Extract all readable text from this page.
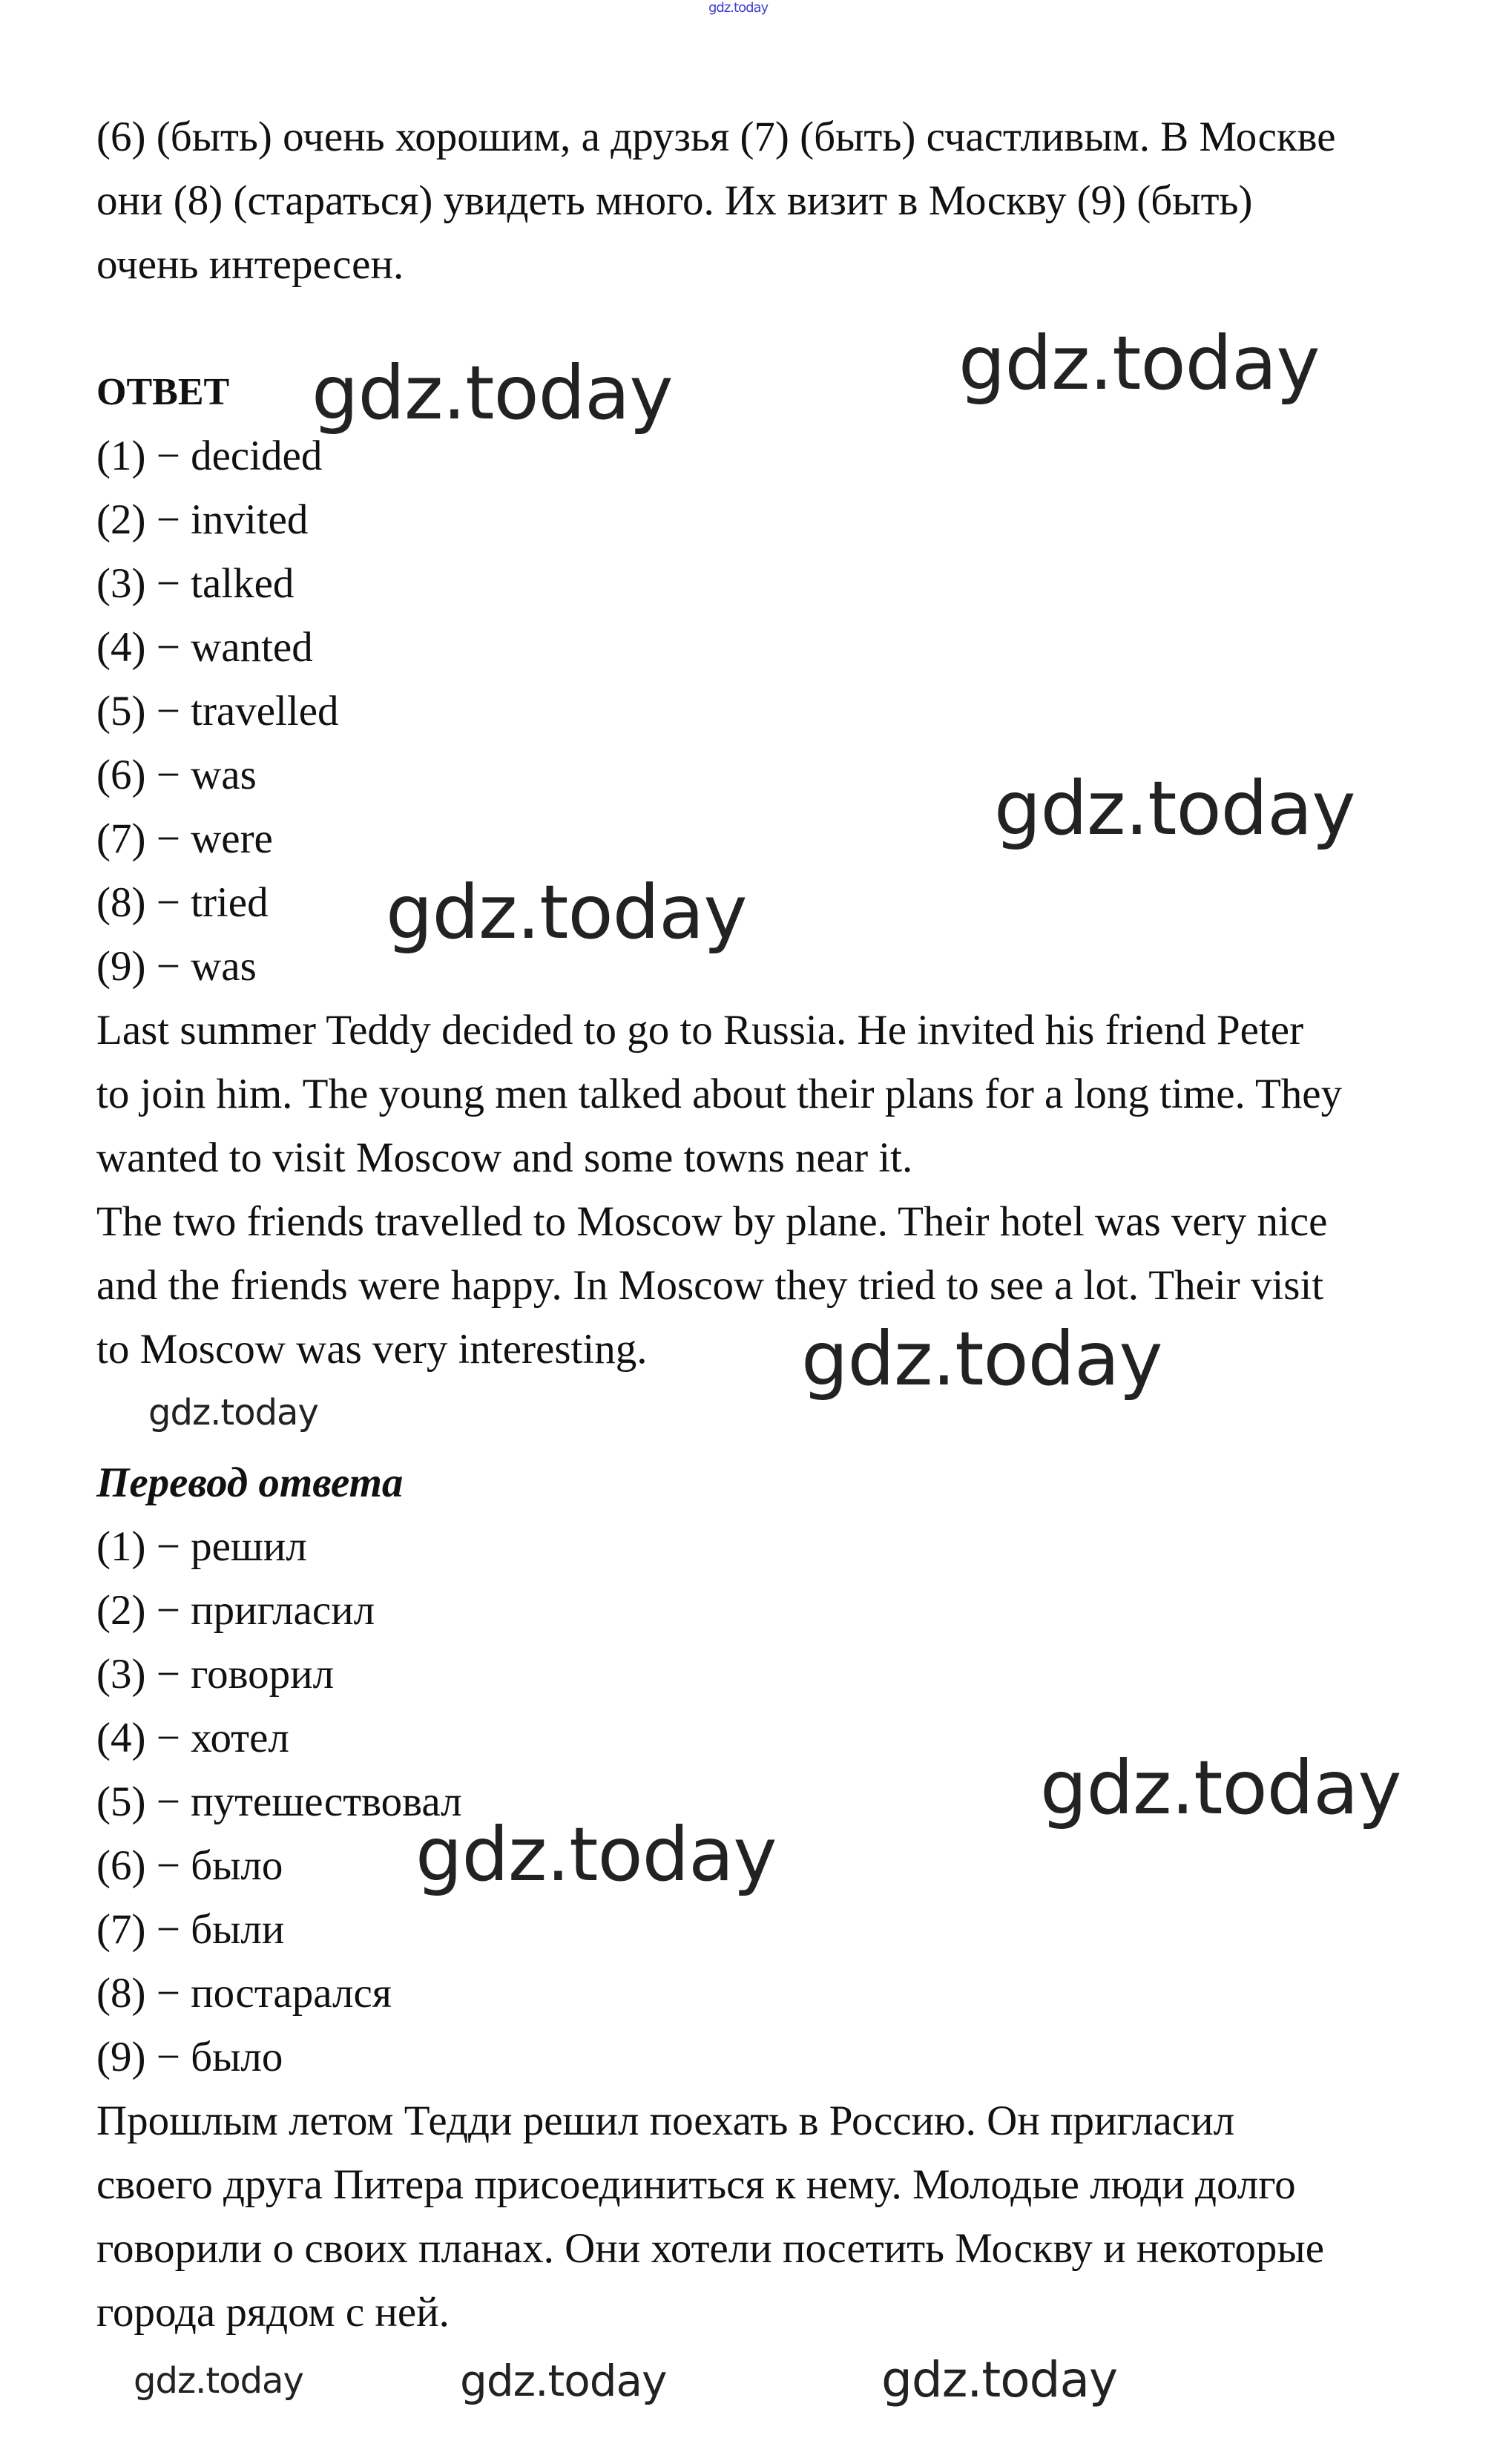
gdz.today
(6) (быть) очень хорошим, а друзья (7) (быть) счастливым. В Москве
они (8) (стараться) увидеть много. Их визит в Москву (9) (быть)
очень интересен.
ОТВЕТ
(1) − decided
(2) − invited
(3) − talked
(4) − wanted
(5) − travelled
(6) − was
(7) − were
(8) − tried
(9) − was
Last summer Teddy decided to go to Russia. He invited his friend Peter
to join him. The young men talked about their plans for a long time. They
wanted to visit Moscow and some towns near it.
The two friends travelled to Moscow by plane. Their hotel was very nice
and the friends were happy. In Moscow they tried to see a lot. Their visit
to Moscow was very interesting.
Перевод ответа
(1) − решил
(2) − пригласил
(3) − говорил
(4) − хотел
(5) − путешествовал
(6) − было
(7) − были
(8) − постарался
(9) − было
Прошлым летом Тедди решил поехать в Россию. Он пригласил
своего друга Питера присоединиться к нему. Молодые люди долго
говорили о своих планах. Они хотели посетить Москву и некоторые
города рядом с ней.
gdz.today	gdz.today
gdz.today
gdz.today
gdz.today
gdz.today
gdz.today
gdz.today
gdz.today	gdz.today	gdz.today
